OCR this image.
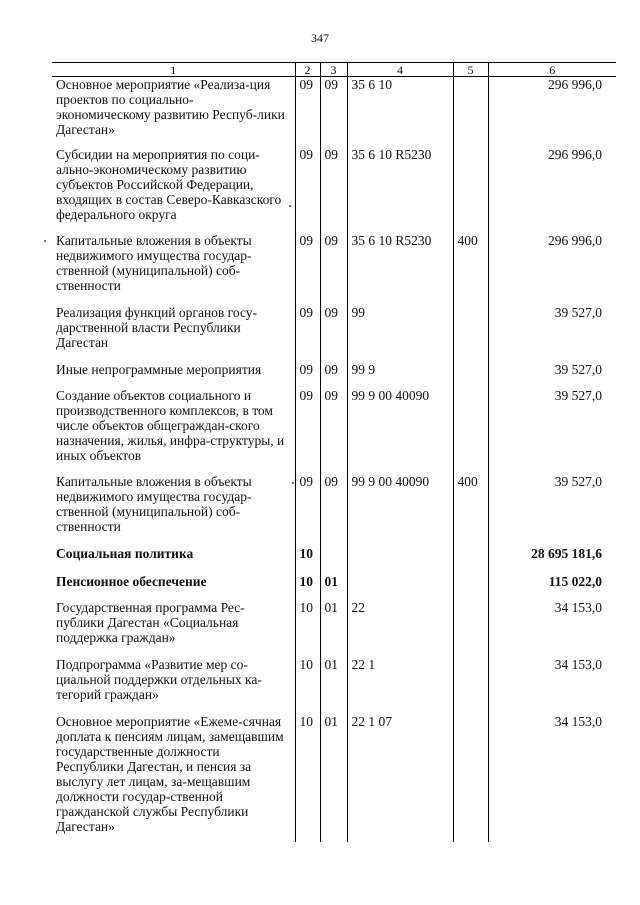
347
1	2	3	4	5	6
Основное мероприятие «Реализа-ция проектов по социально-экономическому развитию Респуб-лики Дагестан»	09	09	35 6 10		296 996,0
Субсидии на мероприятия по соци-ально-экономическому развитию субъектов Российской Федерации, входящих в состав Северо-Кавказского федерального округа	09	09	35 6 10 R5230		296 996,0
Капитальные вложения в объекты недвижимого имущества государ-ственной (муниципальной) соб-ственности	09	09	35 6 10 R5230	400	296 996,0
Реализация функций органов госу-дарственной власти Республики Дагестан	09	09	99		39 527,0
Иные непрограммные мероприятия	09	09	99 9		39 527,0
Создание объектов социального и производственного комплексов, в том числе объектов общеграждан-ского назначения, жилья, инфра-структуры, и иных объектов	09	09	99 9 00 40090		39 527,0
Капитальные вложения в объекты недвижимого имущества государ-ственной (муниципальной) соб-ственности	09	09	99 9 00 40090	400	39 527,0
Социальная политика	10				28 695 181,6
Пенсионное обеспечение	10	01			115 022,0
Государственная программа Рес-публики Дагестан «Социальная поддержка граждан»	10	01	22		34 153,0
Подпрограмма «Развитие мер со-циальной поддержки отдельных ка-тегорий граждан»	10	01	22 1		34 153,0
Основное мероприятие «Ежеме-сячная доплата к пенсиям лицам, замещавшим государственные должности Республики Дагестан, и пенсия за выслугу лет лицам, за-мещавшим должности государ-ственной гражданской службы Республики Дагестан»	10	01	22 1 07		34 153,0
